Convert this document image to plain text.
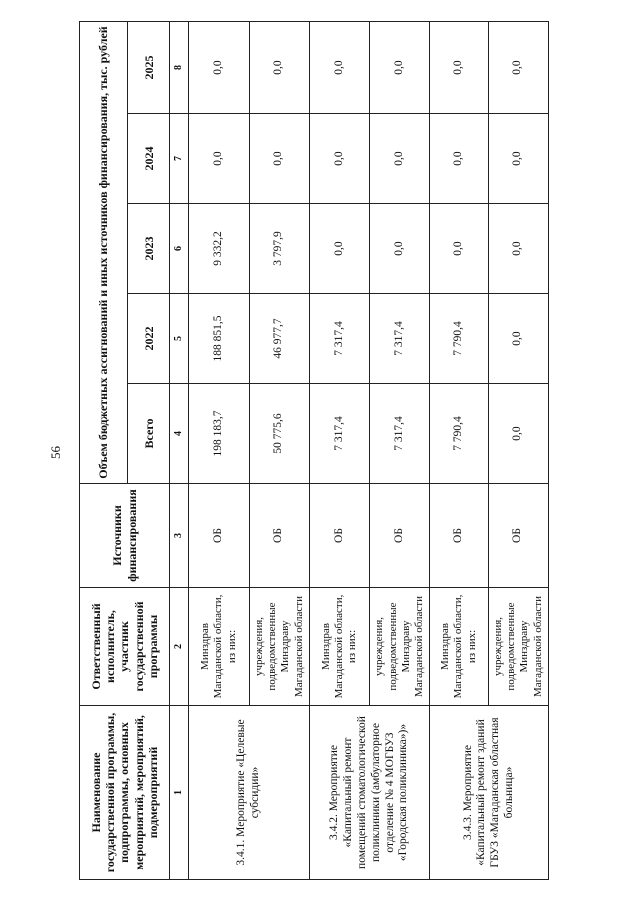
56
Наименование государственной программы, подпрограммы, основных мероприятий, мероприятий, подмероприятий	Ответственный исполнитель, участник государственной программы	Источники финансирования	Объем бюджетных ассигнований и иных источников финансирования, тыс. рублей				
			Всего	2022	2023	2024	2025
1	2	3	4	5	6	7	8
3.4.1. Мероприятие «Целевые субсидии»	Минздрав Магаданской области, из них:	ОБ	198 183,7	188 851,5	9 332,2	0,0	0,0
	учреждения, подведомственные Минздраву Магаданской области	ОБ	50 775,6	46 977,7	3 797,9	0,0	0,0
3.4.2. Мероприятие «Капитальный ремонт помещений стоматологической поликлиники (амбулаторное отделение № 4 МОГБУЗ «Городская поликлиника»)»	Минздрав Магаданской области, из них:	ОБ	7 317,4	7 317,4	0,0	0,0	0,0
	учреждения, подведомственные Минздраву Магаданской области	ОБ	7 317,4	7 317,4	0,0	0,0	0,0
3.4.3. Мероприятие «Капитальный ремонт зданий ГБУЗ «Магаданская областная больница»	Минздрав Магаданской области, из них:	ОБ	7 790,4	7 790,4	0,0	0,0	0,0
	учреждения, подведомственные Минздраву Магаданской области	ОБ	0,0	0,0	0,0	0,0	0,0
